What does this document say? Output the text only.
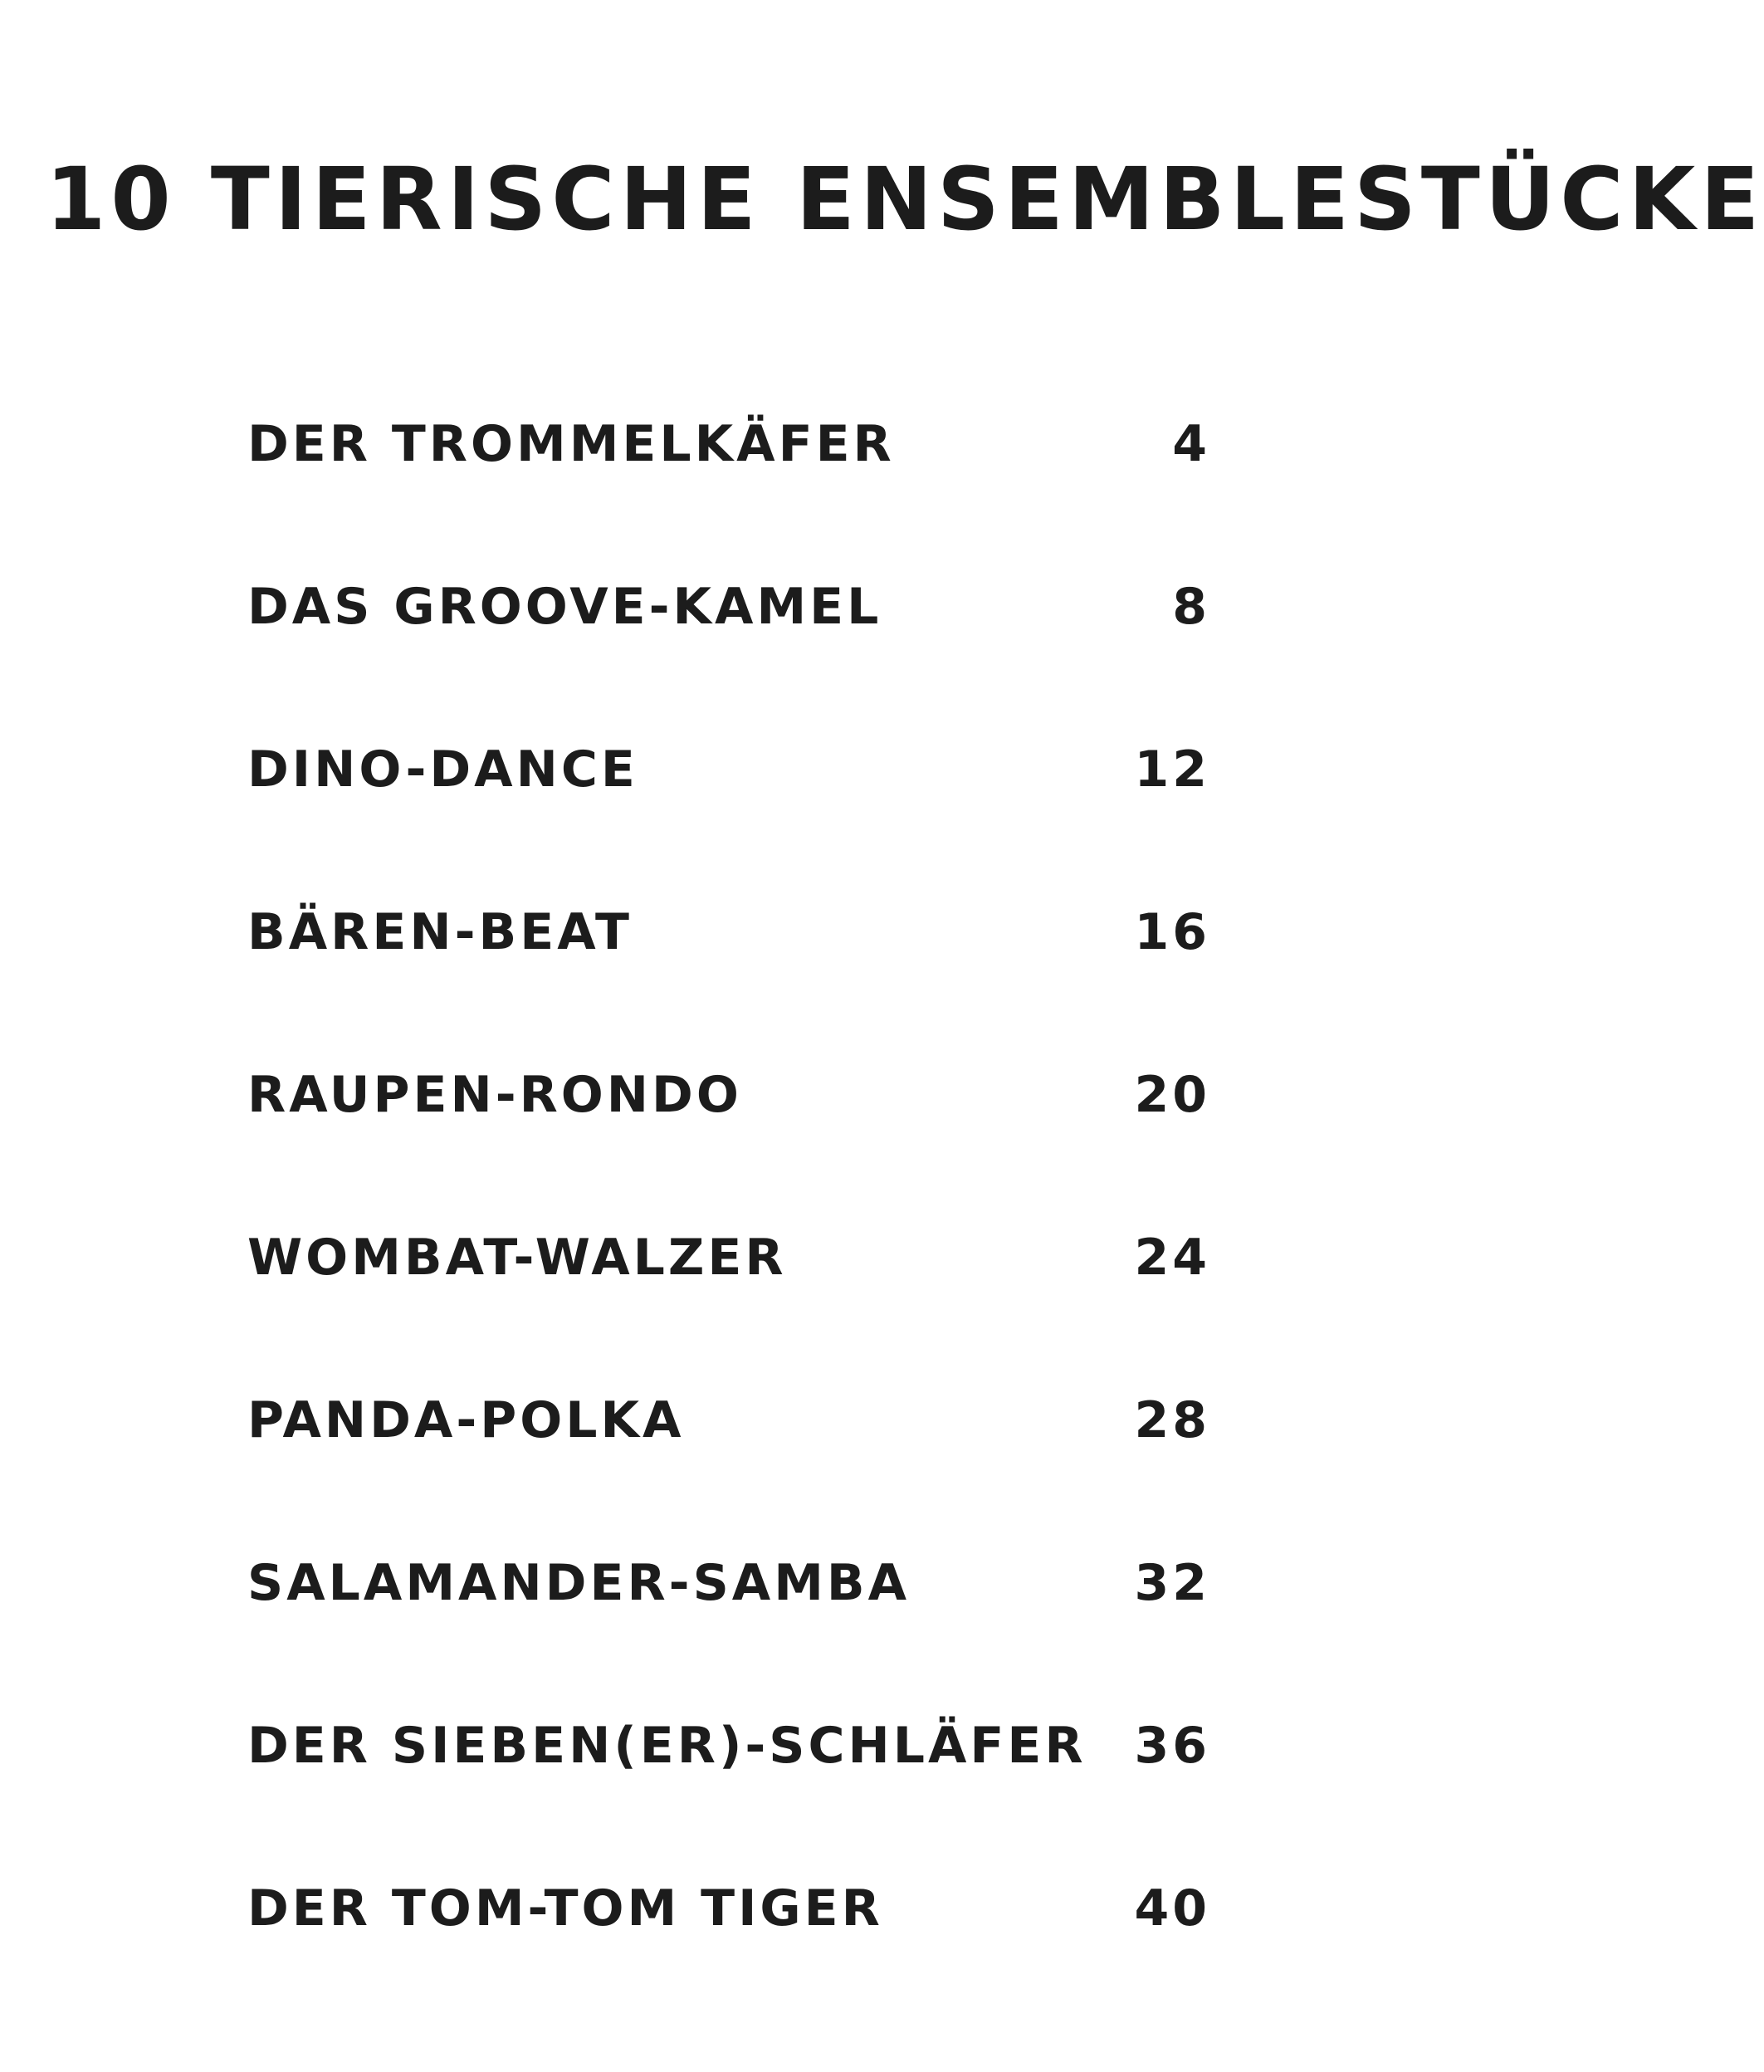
10 TIERISCHE ENSEMBLESTÜCKE
DER TROMMELKÄFER	4
DAS GROOVE-KAMEL	8
DINO-DANCE	12
BÄREN-BEAT	16
RAUPEN-RONDO	20
WOMBAT-WALZER	24
PANDA-POLKA	28
SALAMANDER-SAMBA	32
DER SIEBEN(ER)-SCHLÄFER 36
DER TOM-TOM TIGER	40
